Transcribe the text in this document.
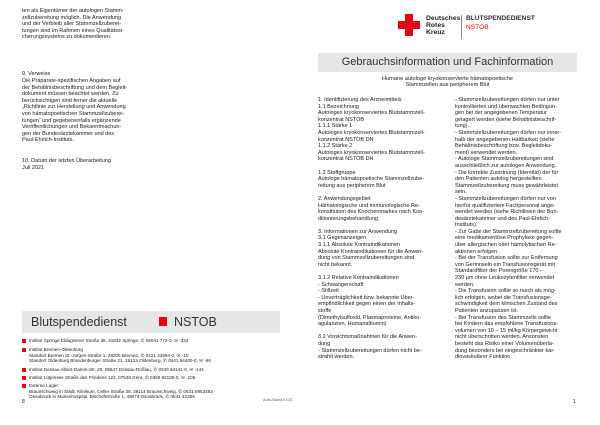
ten als Eigentümer der autologen Stamm-
zellzubereitung möglich. Die Anwendung
und der Verbleib aller Stammzellzuberei-
tungen sind im Rahmen eines Qualitätssi-
cherungssystems zu dokumentieren.
9. Verweise
Die Präparate-spezifischen Angaben auf
der Behältnisbeschriftung und dem Begleit-
dokument müssen beachtet werden. Zu
berücksichtigen sind ferner die aktuelle
„Richtlinie zur Herstellung und Anwendung
von hämatopoetischen Stammzellzuberei-
tungen“ und gegebenenfalls ergänzende
Veröffentlichungen und Bekanntmachun-
gen der Bundesärztekammer und des
Paul-Ehrlich-Instituts.
10. Datum der letzten Überarbeitung
Juli 2021
Blutspendedienst	NSTOB
Institut Springe Eldagsener Straße 38, 31832 Springe, ✆ 05041 772-0, ✉ -334
Institut Bremen-Oldenburg
Standort Bremen St.-Jürgen-Straße 1, 28205 Bremen, ✆ 0421 43994-0, ✉ -10
Standort Oldenburg Brandenburger Straße 21, 26133 Oldenburg, ✆ 0441 94400-0, ✉ -66
Institut Dessau Albert-Damm-Str. 20, 06847 Dessau-Roßlau, ✆ 0340 54141-0, ✉ -144
Institut Lütjensee Straße des Friedens 122, 07548 Gera, ✆ 0365 82100-0, ✉ -105
Externe Lager:
Braunschweig in Städt. Klinikum, Celler Straße 38, 38114 Braunschweig, ✆ 0531 5953493
Osnabrück in Marienhospital, Bischofsstraße 1, 49074 Osnabrück, ✆ 0541 42355
8	Auto-Stand 07/21	1
Deutsches
Rotes
Kreuz
BLUTSPENDEDIENST
NSTOB
Gebrauchsinformation und Fachinformation
Humane autologe kryokonservierte hämatopoetische
Stammzellen aus peripherem Blut
1. Identifizierung des Arzneimittels
1.1 Bezeichnung
Autologes kryokonserviertes Blutstammzell-
konzentrat NSTOB
1.1.1 Stärke 1
Autologes kryokonserviertes Blutstammzell-
konzentrat NSTOB DN
1.1.2 Stärke 2
Autologes kryokonserviertes Blutstammzell-
konzentrat NSTOB DH

1.2 Stoffgruppe
Autologe hämatopoetische Stammzellzube-
reitung aus peripherem Blut

2. Anwendungsgebiet
Hämatologische und immunologische Re-
konstitution des Knochenmarkes nach Kon-
ditionierungsbehandlung

3. Informationen zur Anwendung
3.1 Gegenanzeigen
3.1.1 Absolute Kontraindikationen
Absolute Kontraindikationen für die Anwen-
dung von Stammzellzubereitungen sind
nicht bekannt.

3.1.2 Relative Kontraindikationen
- Schwangerschaft
- Stillzeit
- Unverträglichkeit bzw. bekannte Über-
empfindlichkeit gegen einen der Inhalts-
stoffe
(Dimethylsulfoxid, Plasmaproteine, Antiko-
agulanzien, Humanalbumin)

3.2 Vorsichtsmaßnahmen für die Anwen-
dung
- Stammzellzubereitungen dürfen nicht be-
strahlt werden.
- Stammzellzubereitungen dürfen nur unter
kontrollierten und überwachten Bedingun-
gen bei der angegebenen Temperatur
gelagert werden (siehe Behältnisbeschrif-
tung).
- Stammzellzubereitungen dürfen nur inner-
halb der angegebenen Haltbarkeit (siehe
Behältnisbeschriftung bzw. Begleitdoku-
ment) verwendet werden.
- Autologe Stammzellzubereitungen sind
ausschließlich zur autologen Anwendung.
- Die korrekte Zuordnung (Identität) der für
den Patienten autolog hergestellten
Stammzellzubereitung muss gewährleistet
sein.
- Stammzellzubereitungen dürfen nur von
hierfür qualifiziertem Fachpersonal ange-
wendet werden (siehe Richtlinien der Bun-
desärztekammer und des Paul-Ehrlich-
Instituts).
- Zur Gabe der Stammzellzubereitung sollte
eine medikamentöse Prophylaxe gegen-
über allergischen oder hämolytischen Re-
aktionen erfolgen.
- Bei der Transfusion sollte zur Entfernung
von Gerinnseln ein Transfusionsgerät mit
Standardfilter der Porengröße 170 –
230 µm ohne Leukozytenfilter verwendet
werden.
- Die Transfusion sollte so rasch als mög-
lich erfolgen, wobei die Transfusionsge-
schwindigkeit dem klinischen Zustand des
Patienten anzupassen ist.
- Bei Transfusion des Stammzells sollte
bei Kindern das empfohlene Transfusions-
volumen von 10 – 15 ml/kg Körpergewicht
nicht überschritten werden. Ansonsten
besteht das Risiko einer Volumenüberla-
dung besonders bei eingeschränkter kar-
diovaskulärer Funktion.
